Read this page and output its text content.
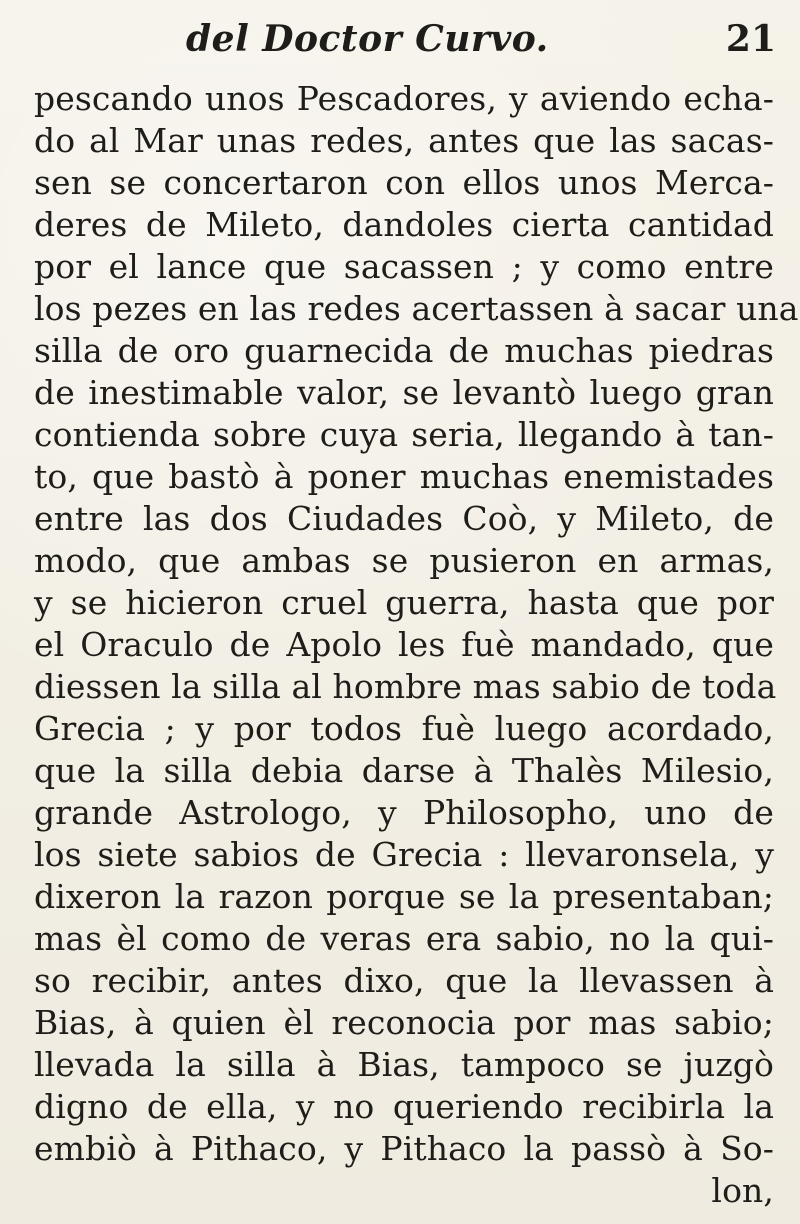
del Doctor Curvo.	21
pescando unos Pescadores, y aviendo echa-
do al Mar unas redes, antes que las sacas-
sen se concertaron con ellos unos Merca-
deres de Mileto, dandoles cierta cantidad
por el lance que sacassen ; y como entre
los pezes en las redes acertassen à sacar una
silla de oro guarnecida de muchas piedras
de inestimable valor, se levantò luego gran
contienda sobre cuya seria, llegando à tan-
to, que bastò à poner muchas enemistades
entre las dos Ciudades Coò, y Mileto, de
modo, que ambas se pusieron en armas,
y se hicieron cruel guerra, hasta que por
el Oraculo de Apolo les fuè mandado, que
diessen la silla al hombre mas sabio de toda
Grecia ; y por todos fuè luego acordado,
que la silla debia darse à Thalès Milesio,
grande Astrologo, y Philosopho, uno de
los siete sabios de Grecia : llevaronsela, y
dixeron la razon porque se la presentaban;
mas èl como de veras era sabio, no la qui-
so recibir, antes dixo, que la llevassen à
Bias, à quien èl reconocia por mas sabio;
llevada la silla à Bias, tampoco se juzgò
digno de ella, y no queriendo recibirla la
embiò à Pithaco, y Pithaco la passò à So-
lon,
